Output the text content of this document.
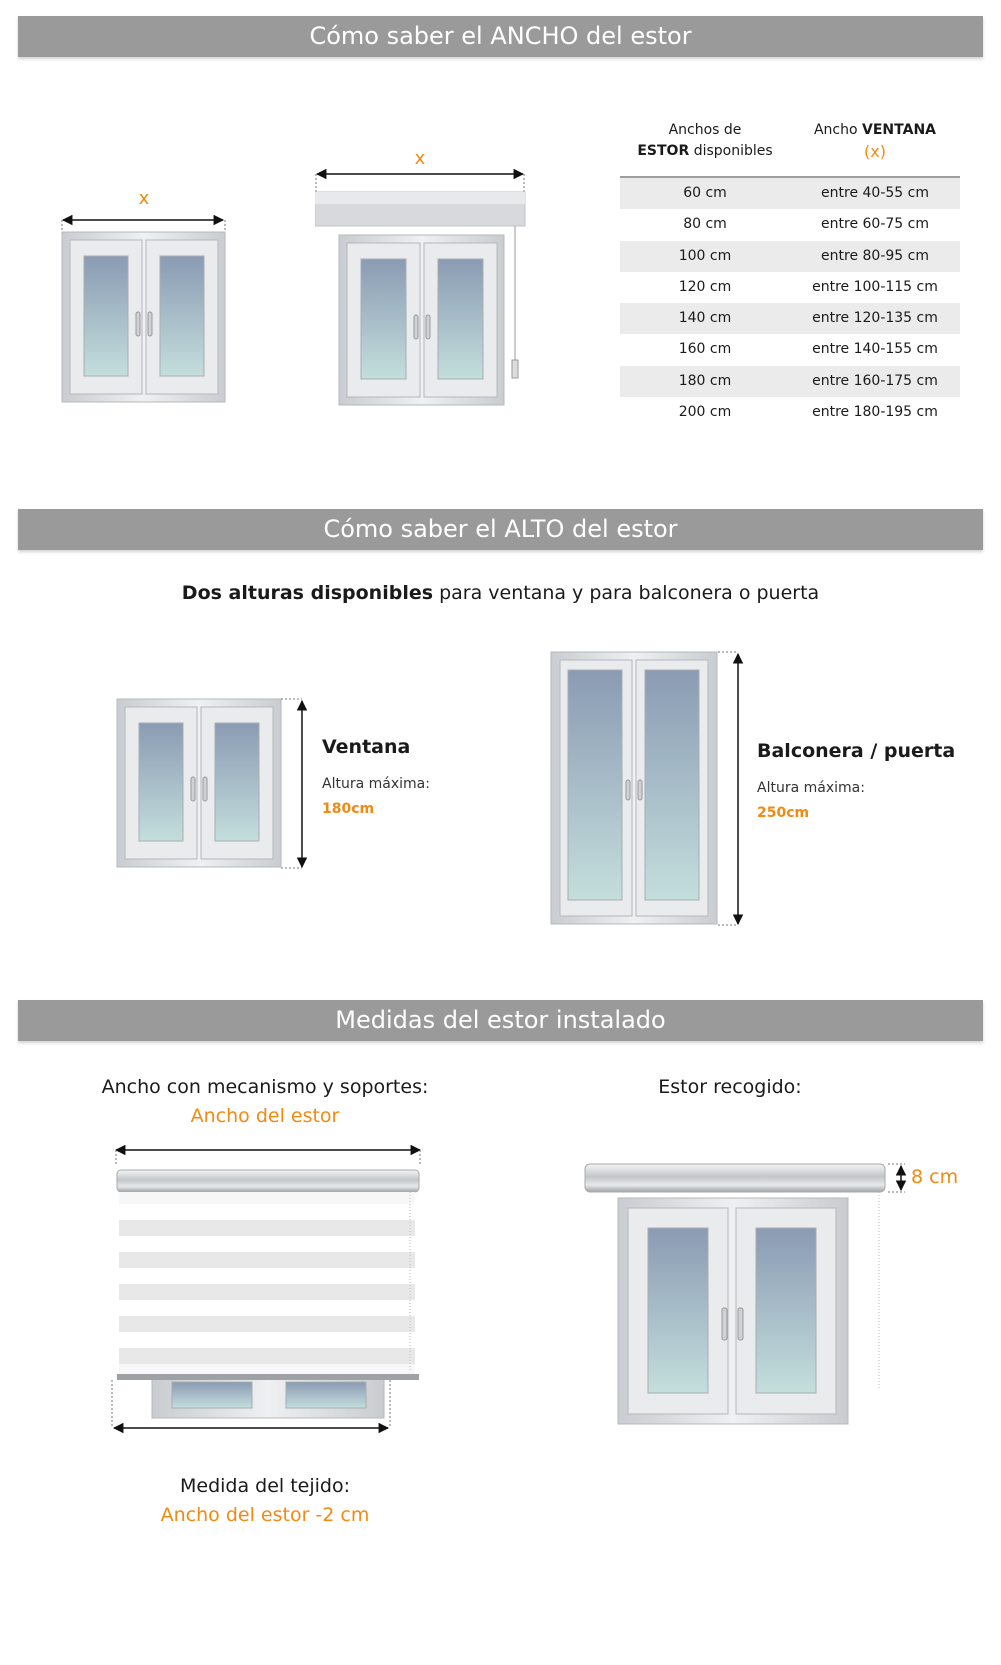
Cómo saber el ANCHO del estor
x
x
Anchos de
ESTOR disponibles
Ancho VENTANA
(x)
60 cm	entre 40-55 cm
80 cm	entre 60-75 cm
100 cm	entre 80-95 cm
120 cm	entre 100-115 cm
140 cm	entre 120-135 cm
160 cm	entre 140-155 cm
180 cm	entre 160-175 cm
200 cm	entre 180-195 cm
Cómo saber el ALTO del estor
Dos alturas disponibles para ventana y para balconera o puerta
Ventana
Altura máxima:
180cm
Balconera / puerta
Altura máxima:
250cm
Medidas del estor instalado
Ancho con mecanismo y soportes:
Ancho del estor
Medida del tejido:
Ancho del estor -2 cm
Estor recogido:
8 cm
